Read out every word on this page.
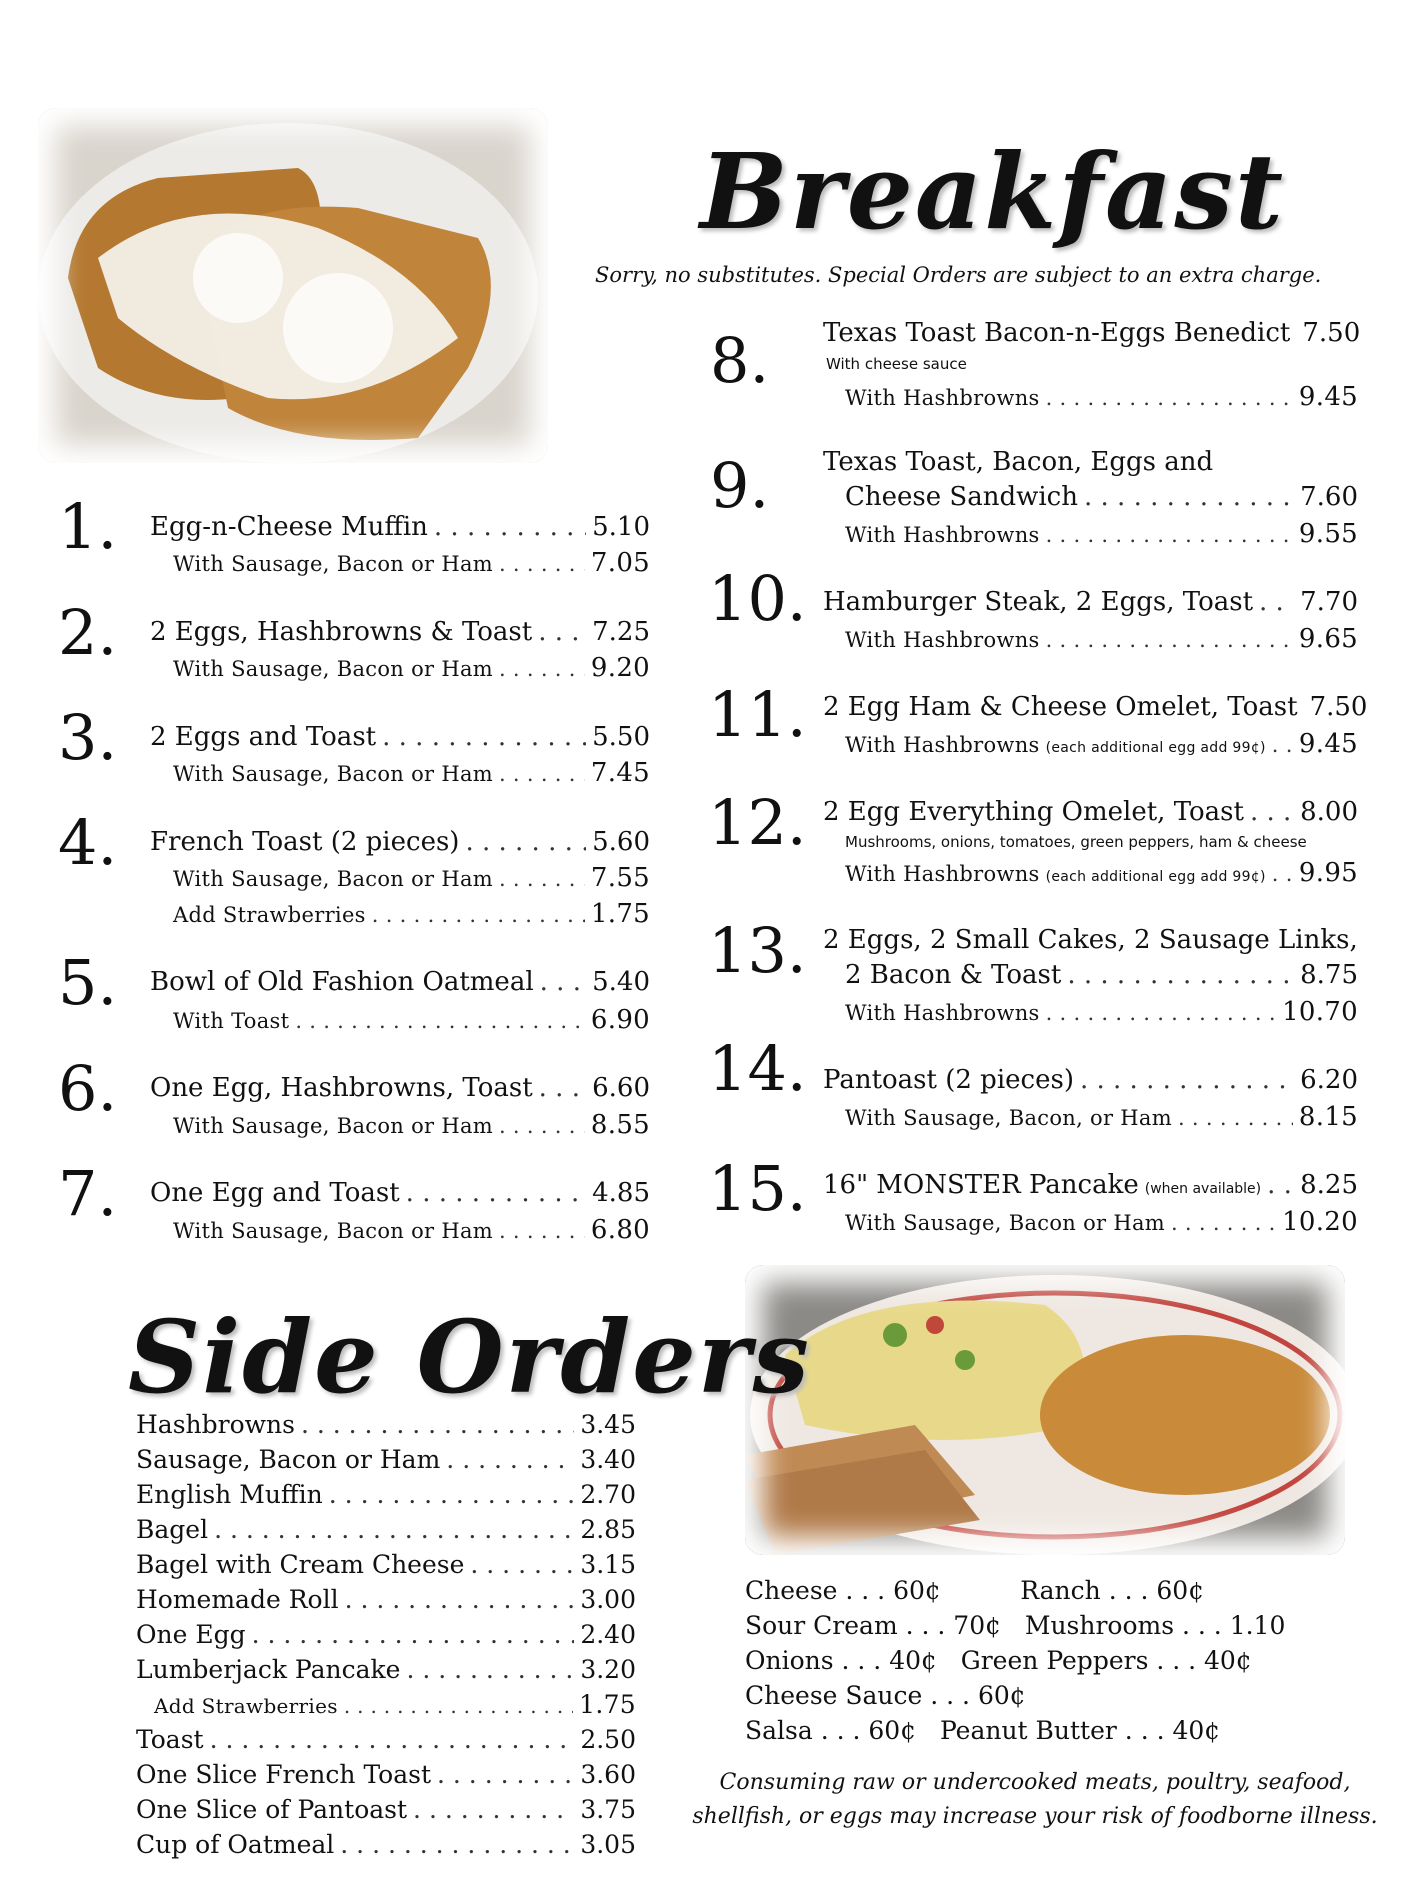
Breakfast
Sorry, no substitutes. Special Orders are subject to an extra charge.
1. Egg-n-Cheese Muffin . . .	5.10
With Sausage, Bacon or Ham . . .	7.05
2. 2 Eggs, Hashbrowns & Toast . . . 7.25
With Sausage, Bacon or Ham . . .	9.20
3. 2 Eggs and Toast . . .	5.50
With Sausage, Bacon or Ham . . .	7.45
4. French Toast (2 pieces) . . .	5.60
With Sausage, Bacon or Ham . . .	7.55
Add Strawberries . . .	1.75
5. Bowl of Old Fashion Oatmeal . . . 5.40
With Toast . . .	6.90
6. One Egg, Hashbrowns, Toast . . . 6.60
With Sausage, Bacon or Ham . . .	8.55
7. One Egg and Toast . . .	4.85
With Sausage, Bacon or Ham . . .	6.80
8. Texas Toast Bacon-n-Eggs Benedict 7.50
With cheese sauce
With Hashbrowns . . .	9.45
9. Texas Toast, Bacon, Eggs and
Cheese Sandwich . . .	7.60
With Hashbrowns . . .	9.55
10. Hamburger Steak, 2 Eggs, Toast . . . 7.70
With Hashbrowns . . .	9.65
11. 2 Egg Ham & Cheese Omelet, Toast 7.50
With Hashbrowns (each additional egg add 99¢) . . . 9.45
12. 2 Egg Everything Omelet, Toast . . . 8.00
Mushrooms, onions, tomatoes, green peppers, ham & cheese
With Hashbrowns (each additional egg add 99¢) . . . 9.95
13. 2 Eggs, 2 Small Cakes, 2 Sausage Links,
2 Bacon & Toast . . .	8.75
With Hashbrowns . . .	10.70
14. Pantoast (2 pieces) . . .	6.20
With Sausage, Bacon, or Ham . . .	8.15
15. 16" MONSTER Pancake (when available) . . . 8.25
With Sausage, Bacon or Ham . . .	10.20
Side Orders
Hashbrowns . . .	3.45
Sausage, Bacon or Ham . . .	3.40
English Muffin . . .	2.70
Bagel . . .	2.85
Bagel with Cream Cheese . . .	3.15
Homemade Roll . . .	3.00
One Egg . . .	2.40
Lumberjack Pancake . . .	3.20
Add Strawberries . . .	1.75
Toast . . .	2.50
One Slice French Toast . . .	3.60
One Slice of Pantoast . . .	3.75
Cup of Oatmeal . . .	3.05
Cheese . . . 60¢          Ranch . . . 60¢
Sour Cream . . . 70¢   Mushrooms . . . 1.10
Onions . . . 40¢   Green Peppers . . . 40¢
Cheese Sauce . . . 60¢
Salsa . . . 60¢   Peanut Butter . . . 40¢
Consuming raw or undercooked meats, poultry, seafood, shellfish, or eggs may increase your risk of foodborne illness.
